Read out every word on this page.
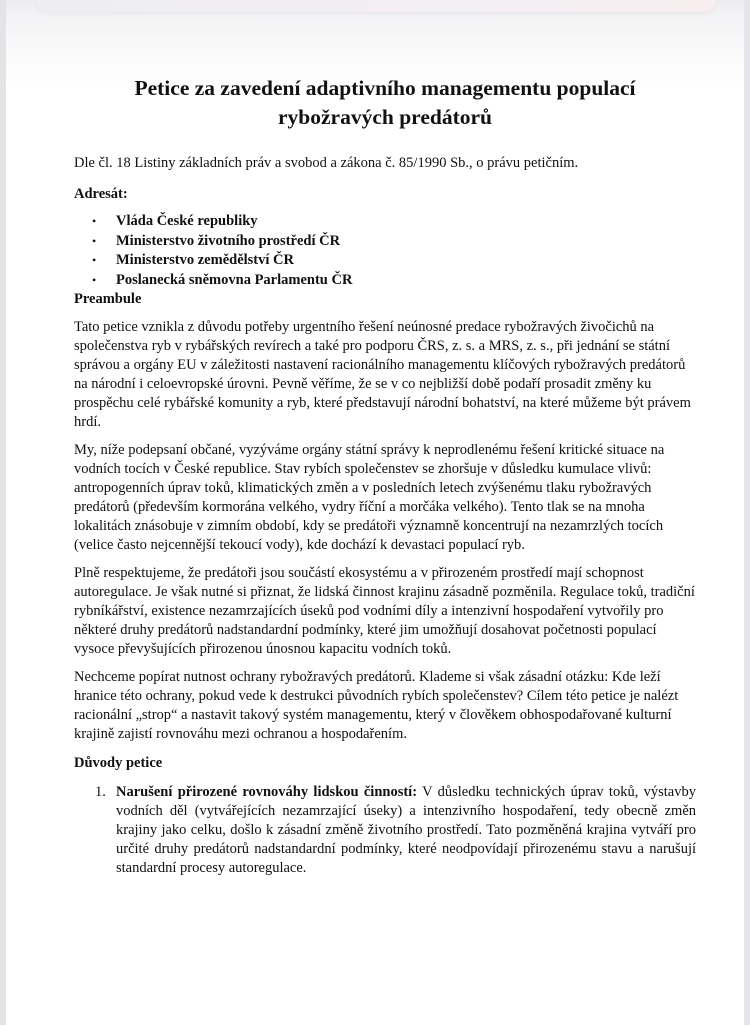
Petice za zavedení adaptivního managementu populací rybožravých predátorů

Dle čl. 18 Listiny základních práv a svobod a zákona č. 85/1990 Sb., o právu petičním.

Adresát:

• Vláda České republiky
• Ministerstvo životního prostředí ČR
• Ministerstvo zemědělství ČR
• Poslanecká sněmovna Parlamentu ČR

Preambule

Tato petice vznikla z důvodu potřeby urgentního řešení neúnosné predace rybožravých živočichů na společenstva ryb v rybářských revírech a také pro podporu ČRS, z. s. a MRS, z. s., při jednání se státní správou a orgány EU v záležitosti nastavení racionálního managementu klíčových rybožravých predátorů na národní i celoevropské úrovni. Pevně věříme, že se v co nejbližší době podaří prosadit změny ku prospěchu celé rybářské komunity a ryb, které představují národní bohatství, na které můžeme být právem hrdí.

My, níže podepsaní občané, vyzýváme orgány státní správy k neprodlenému řešení kritické situace na vodních tocích v České republice. Stav rybích společenstev se zhoršuje v důsledku kumulace vlivů: antropogenních úprav toků, klimatických změn a v posledních letech zvýšenému tlaku rybožravých predátorů (především kormorána velkého, vydry říční a morčáka velkého). Tento tlak se na mnoha lokalitách znásobuje v zimním období, kdy se predátoři významně koncentrují na nezamrzlých tocích (velice často nejcennější tekoucí vody), kde dochází k devastaci populací ryb.

Plně respektujeme, že predátoři jsou součástí ekosystému a v přirozeném prostředí mají schopnost autoregulace. Je však nutné si přiznat, že lidská činnost krajinu zásadně pozměnila. Regulace toků, tradiční rybníkářství, existence nezamrzajících úseků pod vodními díly a intenzivní hospodaření vytvořily pro některé druhy predátorů nadstandardní podmínky, které jim umožňují dosahovat početnosti populací vysoce převyšujících přirozenou únosnou kapacitu vodních toků.

Nechceme popírat nutnost ochrany rybožravých predátorů. Klademe si však zásadní otázku: Kde leží hranice této ochrany, pokud vede k destrukci původních rybích společenstev? Cílem této petice je nalézt racionální „strop“ a nastavit takový systém managementu, který v člověkem obhospodařované kulturní krajině zajistí rovnováhu mezi ochranou a hospodařením.

Důvody petice

1. Narušení přirozené rovnováhy lidskou činností: V důsledku technických úprav toků, výstavby vodních děl (vytvářejících nezamrzající úseky) a intenzivního hospodaření, tedy obecně změn krajiny jako celku, došlo k zásadní změně životního prostředí. Tato pozměněná krajina vytváří pro určité druhy predátorů nadstandardní podmínky, které neodpovídají přirozenému stavu a narušují standardní procesy autoregulace.
